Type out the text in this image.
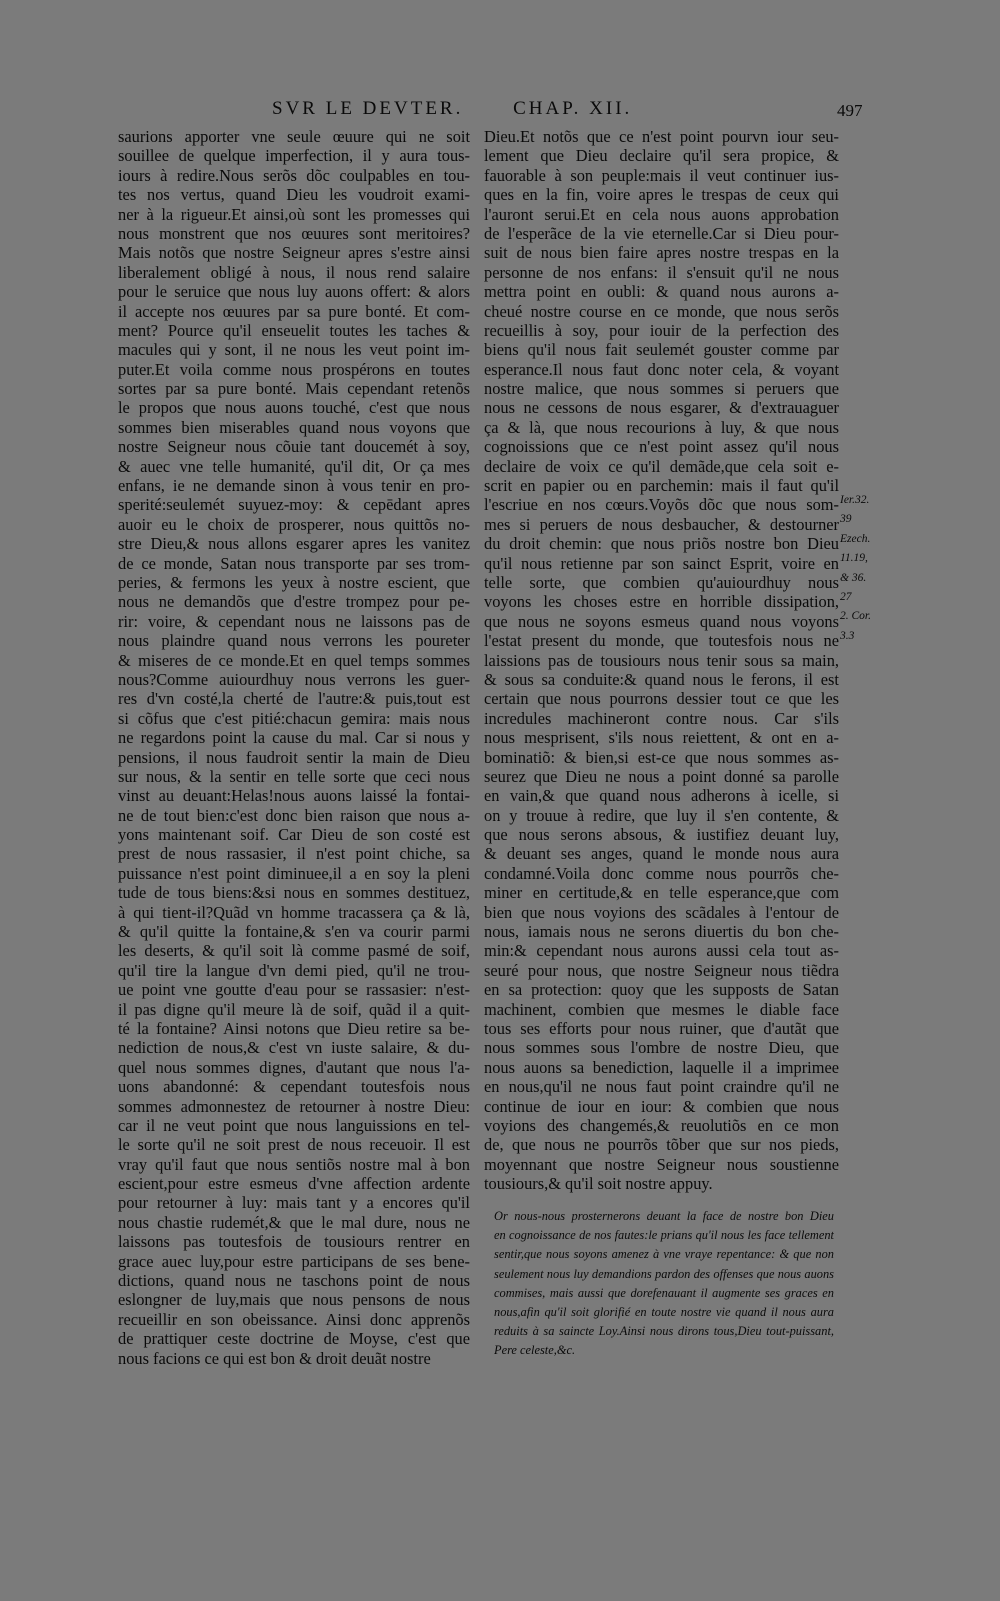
SVR LE DEVTER.	CHAP. XII.	497
saurions apporter vne seule œuure qui ne soit
souillee de quelque imperfection, il y aura tous-
iours à redire.Nous serõs dõc coulpables en tou-
tes nos vertus, quand Dieu les voudroit exami-
ner à la rigueur.Et ainsi,où sont les promesses qui
nous monstrent que nos œuures sont meritoires?
Mais notõs que nostre Seigneur apres s'estre ainsi
liberalement obligé à nous, il nous rend salaire
pour le seruice que nous luy auons offert: & alors
il accepte nos œuures par sa pure bonté. Et com-
ment? Pource qu'il enseuelit toutes les taches &
macules qui y sont, il ne nous les veut point im-
puter.Et voila comme nous prospérons en toutes
sortes par sa pure bonté. Mais cependant retenõs
le propos que nous auons touché, c'est que nous
sommes bien miserables quand nous voyons que
nostre Seigneur nous cõuie tant doucemét à soy,
& auec vne telle humanité, qu'il dit, Or ça mes
enfans, ie ne demande sinon à vous tenir en pro-
sperité:seulemét suyuez-moy: & cepēdant apres
auoir eu le choix de prosperer, nous quittõs no-
stre Dieu,& nous allons esgarer apres les vanitez
de ce monde, Satan nous transporte par ses trom-
peries, & fermons les yeux à nostre escient, que
nous ne demandõs que d'estre trompez pour pe-
rir: voire, & cependant nous ne laissons pas de
nous plaindre quand nous verrons les poureter
& miseres de ce monde.Et en quel temps sommes
nous?Comme auiourdhuy nous verrons les guer-
res d'vn costé,la cherté de l'autre:& puis,tout est
si cõfus que c'est pitié:chacun gemira: mais nous
ne regardons point la cause du mal. Car si nous y
pensions, il nous faudroit sentir la main de Dieu
sur nous, & la sentir en telle sorte que ceci nous
vinst au deuant:Helas!nous auons laissé la fontai-
ne de tout bien:c'est donc bien raison que nous a-
yons maintenant soif. Car Dieu de son costé est
prest de nous rassasier, il n'est point chiche, sa
puissance n'est point diminuee,il a en soy la pleni
tude de tous biens:&si nous en sommes destituez,
à qui tient-il?Quãd vn homme tracassera ça & là,
& qu'il quitte la fontaine,& s'en va courir parmi
les deserts, & qu'il soit là comme pasmé de soif,
qu'il tire la langue d'vn demi pied, qu'il ne trou-
ue point vne goutte d'eau pour se rassasier: n'est-
il pas digne qu'il meure là de soif, quãd il a quit-
té la fontaine? Ainsi notons que Dieu retire sa be-
nediction de nous,& c'est vn iuste salaire, & du-
quel nous sommes dignes, d'autant que nous l'a-
uons abandonné: & cependant toutesfois nous
sommes admonnestez de retourner à nostre Dieu:
car il ne veut point que nous languissions en tel-
le sorte qu'il ne soit prest de nous receuoir. Il est
vray qu'il faut que nous sentiõs nostre mal à bon
escient,pour estre esmeus d'vne affection ardente
pour retourner à luy: mais tant y a encores qu'il
nous chastie rudemét,& que le mal dure, nous ne
laissons pas toutesfois de tousiours rentrer en
grace auec luy,pour estre participans de ses bene-
dictions, quand nous ne taschons point de nous
eslongner de luy,mais que nous pensons de nous
recueillir en son obeissance. Ainsi donc apprenõs
de prattiquer ceste doctrine de Moyse, c'est que
nous facions ce qui est bon & droit deuãt nostre
Dieu.Et notõs que ce n'est point pourvn iour seu-
lement que Dieu declaire qu'il sera propice, &
fauorable à son peuple:mais il veut continuer ius-
ques en la fin, voire apres le trespas de ceux qui
l'auront serui.Et en cela nous auons approbation
de l'esperãce de la vie eternelle.Car si Dieu pour-
suit de nous bien faire apres nostre trespas en la
personne de nos enfans: il s'ensuit qu'il ne nous
mettra point en oubli: & quand nous aurons a-
cheué nostre course en ce monde, que nous serõs
recueillis à soy, pour iouir de la perfection des
biens qu'il nous fait seulemét gouster comme par
esperance.Il nous faut donc noter cela, & voyant
nostre malice, que nous sommes si peruers que
nous ne cessons de nous esgarer, & d'extrauaguer
ça & là, que nous recourions à luy, & que nous
cognoissions que ce n'est point assez qu'il nous
declaire de voix ce qu'il demãde,que cela soit e-
scrit en papier ou en parchemin: mais il faut qu'il
l'escriue en nos cœurs.Voyõs dõc que nous som-
mes si peruers de nous desbaucher, & destourner
du droit chemin: que nous priõs nostre bon Dieu
qu'il nous retienne par son sainct Esprit, voire en
telle sorte, que combien qu'auiourdhuy nous
voyons les choses estre en horrible dissipation,
que nous ne soyons esmeus quand nous voyons
l'estat present du monde, que toutesfois nous ne
laissions pas de tousiours nous tenir sous sa main,
& sous sa conduite:& quand nous le ferons, il est
certain que nous pourrons dessier tout ce que les
incredules machineront contre nous. Car s'ils
nous mesprisent, s'ils nous reiettent, & ont en a-
bominatiõ: & bien,si est-ce que nous sommes as-
seurez que Dieu ne nous a point donné sa parolle
en vain,& que quand nous adherons à icelle, si
on y trouue à redire, que luy il s'en contente, &
que nous serons absous, & iustifiez deuant luy,
& deuant ses anges, quand le monde nous aura
condamné.Voila donc comme nous pourrõs che-
miner en certitude,& en telle esperance,que com
bien que nous voyions des scãdales à l'entour de
nous, iamais nous ne serons diuertis du bon che-
min:& cependant nous aurons aussi cela tout as-
seuré pour nous, que nostre Seigneur nous tiẽdra
en sa protection: quoy que les supposts de Satan
machinent, combien que mesmes le diable face
tous ses efforts pour nous ruiner, que d'autãt que
nous sommes sous l'ombre de nostre Dieu, que
nous auons sa benediction, laquelle il a imprimee
en nous,qu'il ne nous faut point craindre qu'il ne
continue de iour en iour: & combien que nous
voyions des changemés,& reuolutiõs en ce mon
de, que nous ne pourrõs tõber que sur nos pieds,
moyennant que nostre Seigneur nous soustienne
tousiours,& qu'il soit nostre appuy.
Ier.32.
39
Ezech.
11.19,
& 36.
27
2. Cor.
3.3
Or nous-nous prosternerons deuant la face de nostre bon Dieu
en cognoissance de nos fautes:le prians qu'il nous les face tellement
sentir,que nous soyons amenez à vne vraye repentance: & que non
seulement nous luy demandions pardon des offenses que nous auons
commises, mais aussi que dorefenauant il augmente ses graces en
nous,afin qu'il soit glorifié en toute nostre vie quand il nous aura
reduits à sa saincte Loy.Ainsi nous dirons tous,Dieu tout-puissant,
Pere celeste,&c.
